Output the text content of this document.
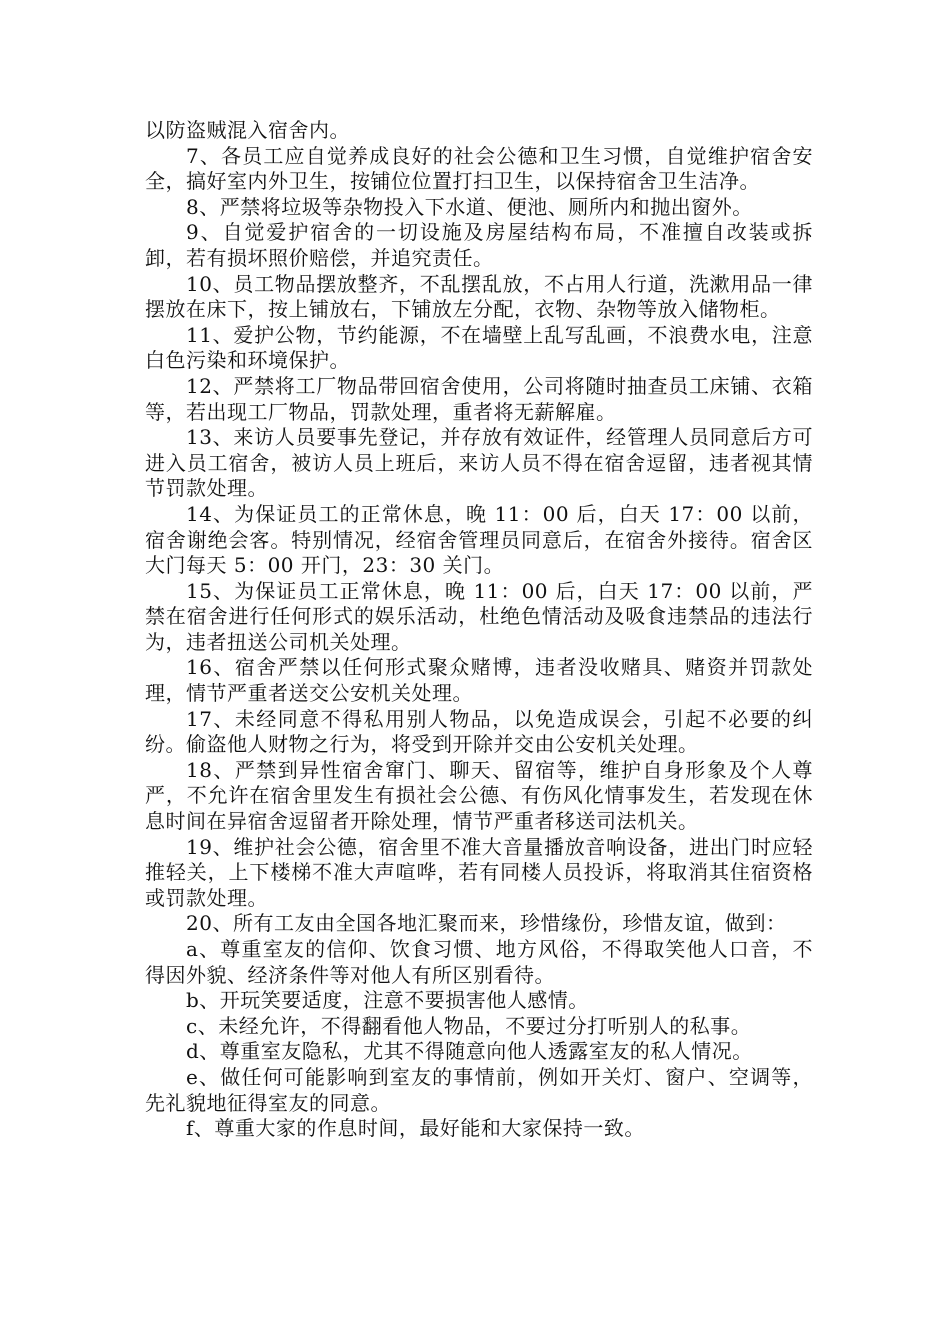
以防盗贼混入宿舍内。

7、各员工应自觉养成良好的社会公德和卫生习惯，自觉维护宿舍安全，搞好室内外卫生，按铺位位置打扫卫生，以保持宿舍卫生洁净。

8、严禁将垃圾等杂物投入下水道、便池、厕所内和抛出窗外。

9、自觉爱护宿舍的一切设施及房屋结构布局，不准擅自改装或拆卸，若有损坏照价赔偿，并追究责任。

10、员工物品摆放整齐，不乱摆乱放，不占用人行道，洗漱用品一律摆放在床下，按上铺放右，下铺放左分配，衣物、杂物等放入储物柜。

11、爱护公物，节约能源，不在墙壁上乱写乱画，不浪费水电，注意白色污染和环境保护。

12、严禁将工厂物品带回宿舍使用，公司将随时抽查员工床铺、衣箱等，若出现工厂物品，罚款处理，重者将无薪解雇。

13、来访人员要事先登记，并存放有效证件，经管理人员同意后方可进入员工宿舍，被访人员上班后，来访人员不得在宿舍逗留，违者视其情节罚款处理。

14、为保证员工的正常休息，晚 11：00 后，白天 17：00 以前，宿舍谢绝会客。特别情况，经宿舍管理员同意后，在宿舍外接待。宿舍区大门每天 5：00 开门，23：30 关门。

15、为保证员工正常休息，晚 11：00 后，白天 17：00 以前，严禁在宿舍进行任何形式的娱乐活动，杜绝色情活动及吸食违禁品的违法行为，违者扭送公司机关处理。

16、宿舍严禁以任何形式聚众赌博，违者没收赌具、赌资并罚款处理，情节严重者送交公安机关处理。

17、未经同意不得私用别人物品，以免造成误会，引起不必要的纠纷。偷盗他人财物之行为，将受到开除并交由公安机关处理。

18、严禁到异性宿舍窜门、聊天、留宿等，维护自身形象及个人尊严，不允许在宿舍里发生有损社会公德、有伤风化情事发生，若发现在休息时间在异宿舍逗留者开除处理，情节严重者移送司法机关。

19、维护社会公德，宿舍里不准大音量播放音响设备，进出门时应轻推轻关，上下楼梯不准大声喧哗，若有同楼人员投诉，将取消其住宿资格或罚款处理。

20、所有工友由全国各地汇聚而来，珍惜缘份，珍惜友谊，做到：

a、尊重室友的信仰、饮食习惯、地方风俗，不得取笑他人口音，不得因外貌、经济条件等对他人有所区别看待。

b、开玩笑要适度，注意不要损害他人感情。

c、未经允许，不得翻看他人物品，不要过分打听别人的私事。

d、尊重室友隐私，尤其不得随意向他人透露室友的私人情况。

e、做任何可能影响到室友的事情前，例如开关灯、窗户、空调等，先礼貌地征得室友的同意。

f、尊重大家的作息时间，最好能和大家保持一致。
